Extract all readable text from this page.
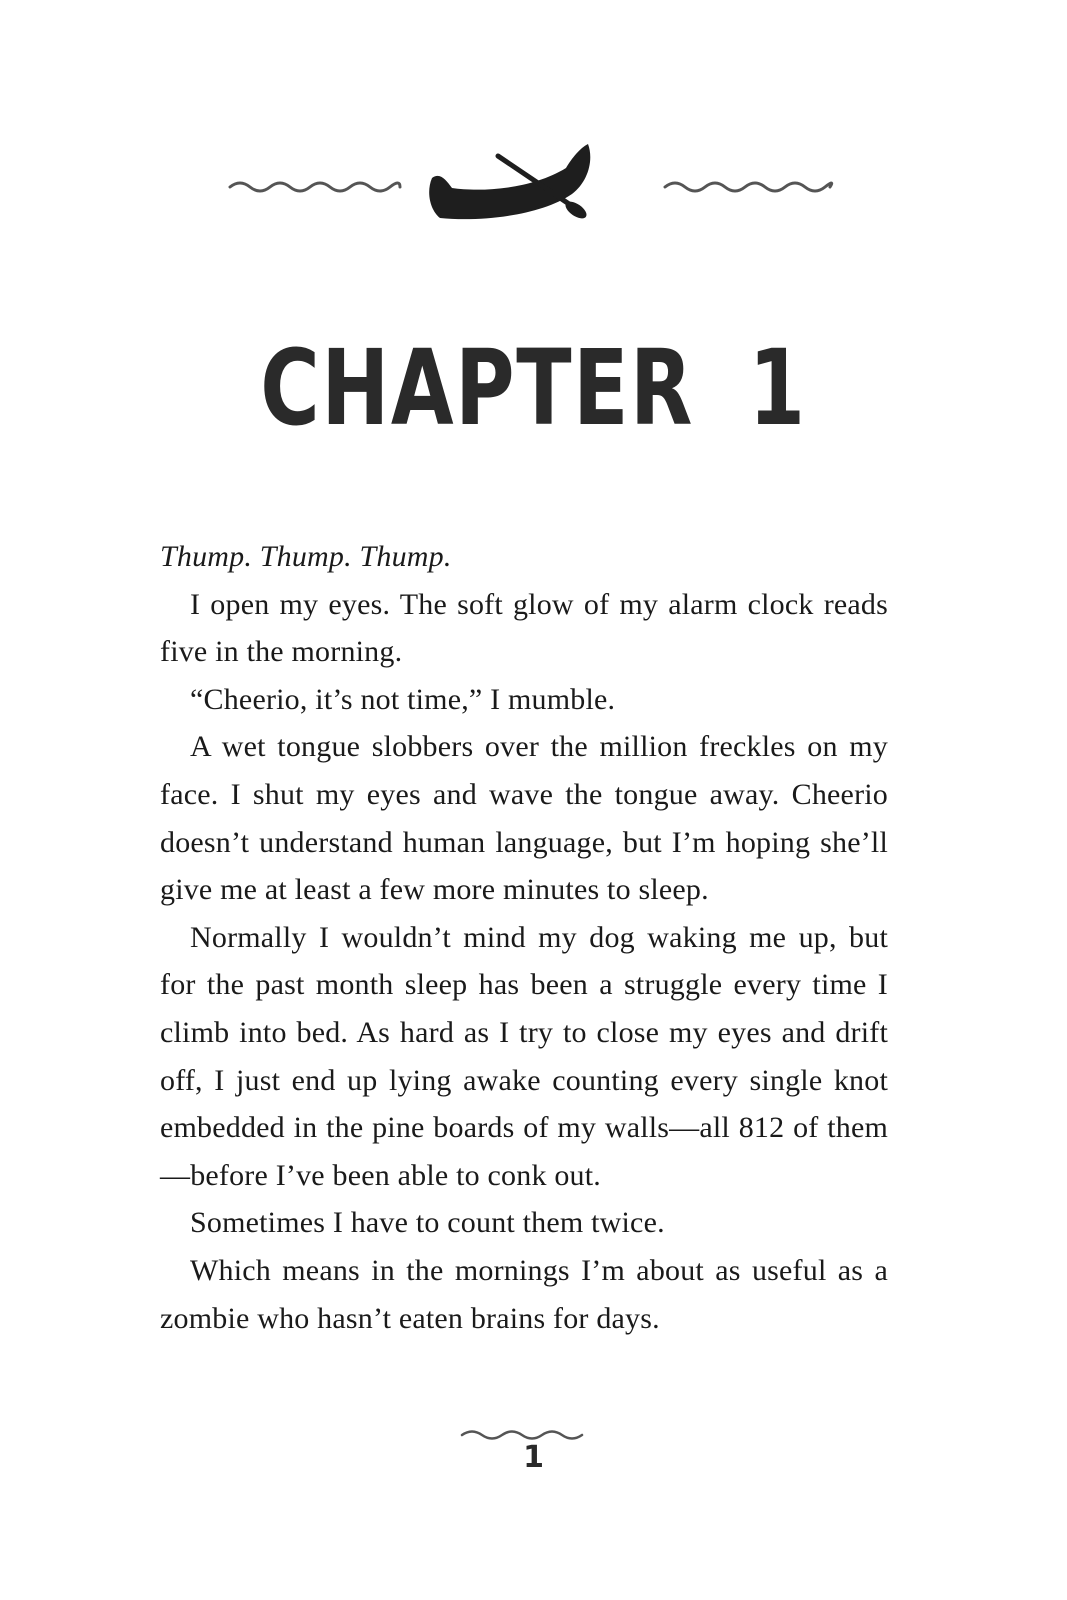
CHAPTER 1

Thump. Thump. Thump.

I open my eyes. The soft glow of my alarm clock reads five in the morning.

“Cheerio, it’s not time,” I mumble.

A wet tongue slobbers over the million freckles on my face. I shut my eyes and wave the tongue away. Cheerio doesn’t understand human language, but I’m hoping she’ll give me at least a few more minutes to sleep.

Normally I wouldn’t mind my dog waking me up, but for the past month sleep has been a struggle every time I climb into bed. As hard as I try to close my eyes and drift off, I just end up lying awake counting every single knot embedded in the pine boards of my walls—all 812 of them—before I’ve been able to conk out.

Sometimes I have to count them twice.

Which means in the mornings I’m about as useful as a zombie who hasn’t eaten brains for days.

1
